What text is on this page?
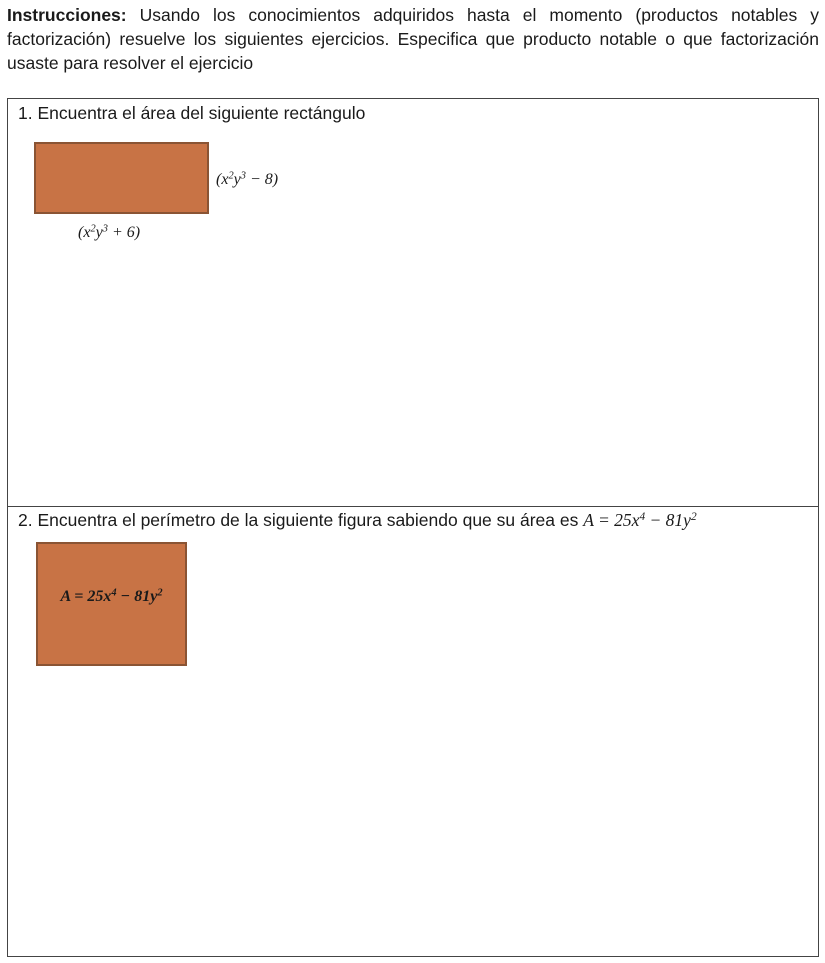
Instrucciones: Usando los conocimientos adquiridos hasta el momento (productos notables y factorización) resuelve los siguientes ejercicios. Especifica que producto notable o que factorización usaste para resolver el ejercicio
1. Encuentra el área del siguiente rectángulo
$(x^2y^3 - 8)$
$(x^2y^3 + 6)$
2. Encuentra el perímetro de la siguiente figura sabiendo que su área es $A = 25x^4 - 81y^2$
$A = 25x^4 - 81y^2$
